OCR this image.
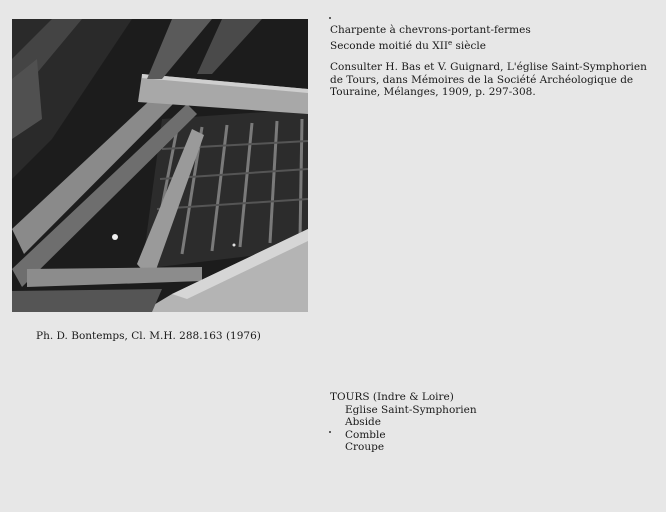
Charpente à chevrons-portant-fermes
Seconde moitié du XIIe siècle
Consulter H. Bas et V. Guignard, L'église Saint-Symphorien
de Tours, dans Mémoires de la Société Archéologique de
Touraine, Mélanges, 1909, p. 297-308.
Ph. D. Bontemps, Cl. M.H. 288.163 (1976)
TOURS (Indre & Loire)
Eglise Saint-Symphorien
Abside
Comble
Croupe
